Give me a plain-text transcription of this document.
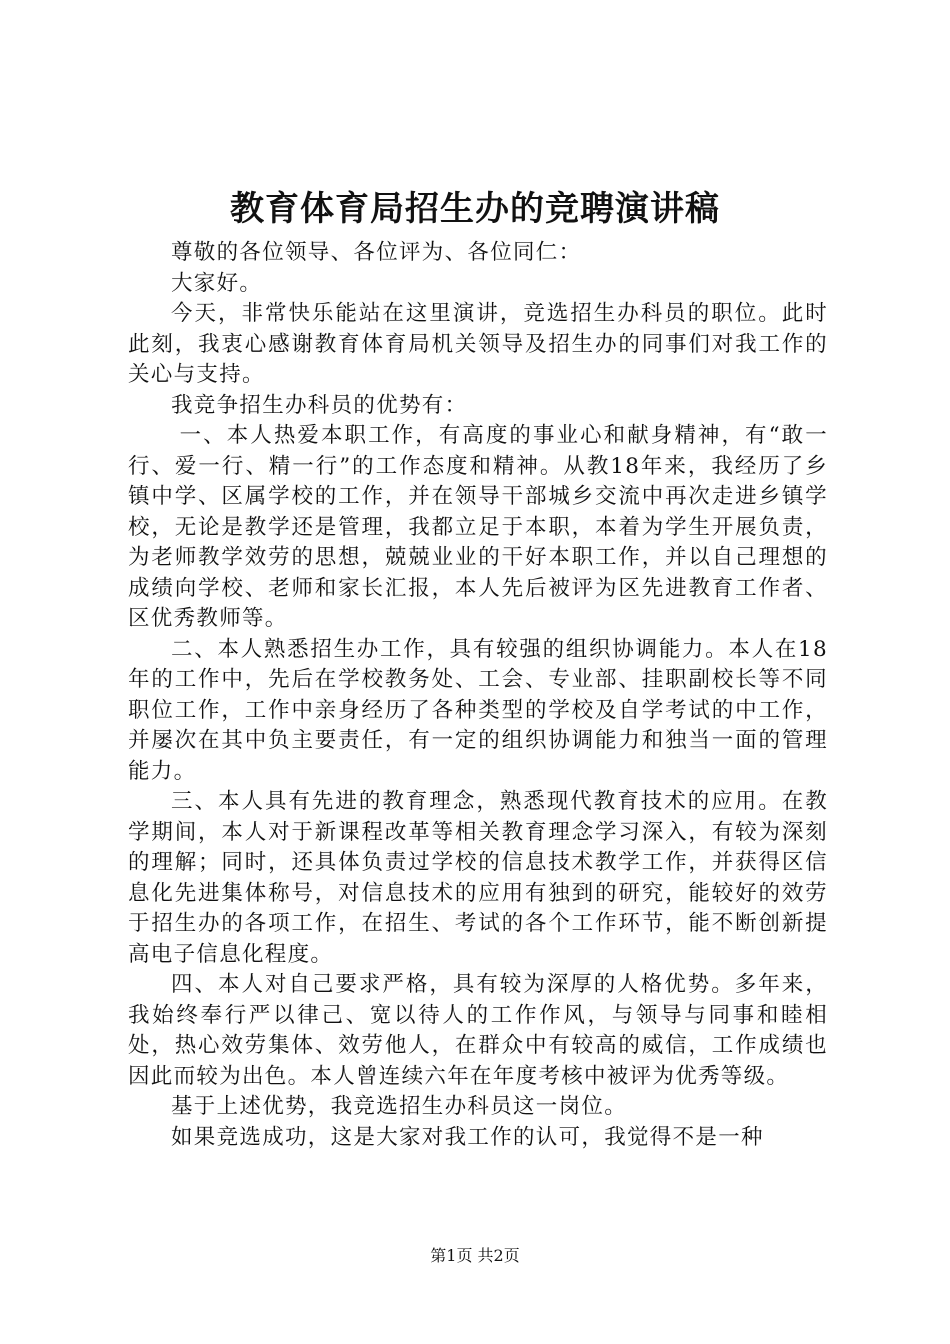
教育体育局招生办的竞聘演讲稿

尊敬的各位领导、各位评为、各位同仁：

大家好。

今天，非常快乐能站在这里演讲，竞选招生办科员的职位。此时此刻，我衷心感谢教育体育局机关领导及招生办的同事们对我工作的关心与支持。

我竞争招生办科员的优势有：

一、本人热爱本职工作，有高度的事业心和献身精神，有“敢一行、爱一行、精一行”的工作态度和精神。从教18年来，我经历了乡镇中学、区属学校的工作，并在领导干部城乡交流中再次走进乡镇学校，无论是教学还是管理，我都立足于本职，本着为学生开展负责，为老师教学效劳的思想，兢兢业业的干好本职工作，并以自己理想的成绩向学校、老师和家长汇报，本人先后被评为区先进教育工作者、区优秀教师等。

二、本人熟悉招生办工作，具有较强的组织协调能力。本人在18年的工作中，先后在学校教务处、工会、专业部、挂职副校长等不同职位工作，工作中亲身经历了各种类型的学校及自学考试的中工作，并屡次在其中负主要责任，有一定的组织协调能力和独当一面的管理能力。

三、本人具有先进的教育理念，熟悉现代教育技术的应用。在教学期间，本人对于新课程改革等相关教育理念学习深入，有较为深刻的理解；同时，还具体负责过学校的信息技术教学工作，并获得区信息化先进集体称号，对信息技术的应用有独到的研究，能较好的效劳于招生办的各项工作，在招生、考试的各个工作环节，能不断创新提高电子信息化程度。

四、本人对自己要求严格，具有较为深厚的人格优势。多年来，我始终奉行严以律己、宽以待人的工作作风，与领导与同事和睦相处，热心效劳集体、效劳他人，在群众中有较高的威信，工作成绩也因此而较为出色。本人曾连续六年在年度考核中被评为优秀等级。

基于上述优势，我竞选招生办科员这一岗位。

如果竞选成功，这是大家对我工作的认可，我觉得不是一种

第1页 共2页
